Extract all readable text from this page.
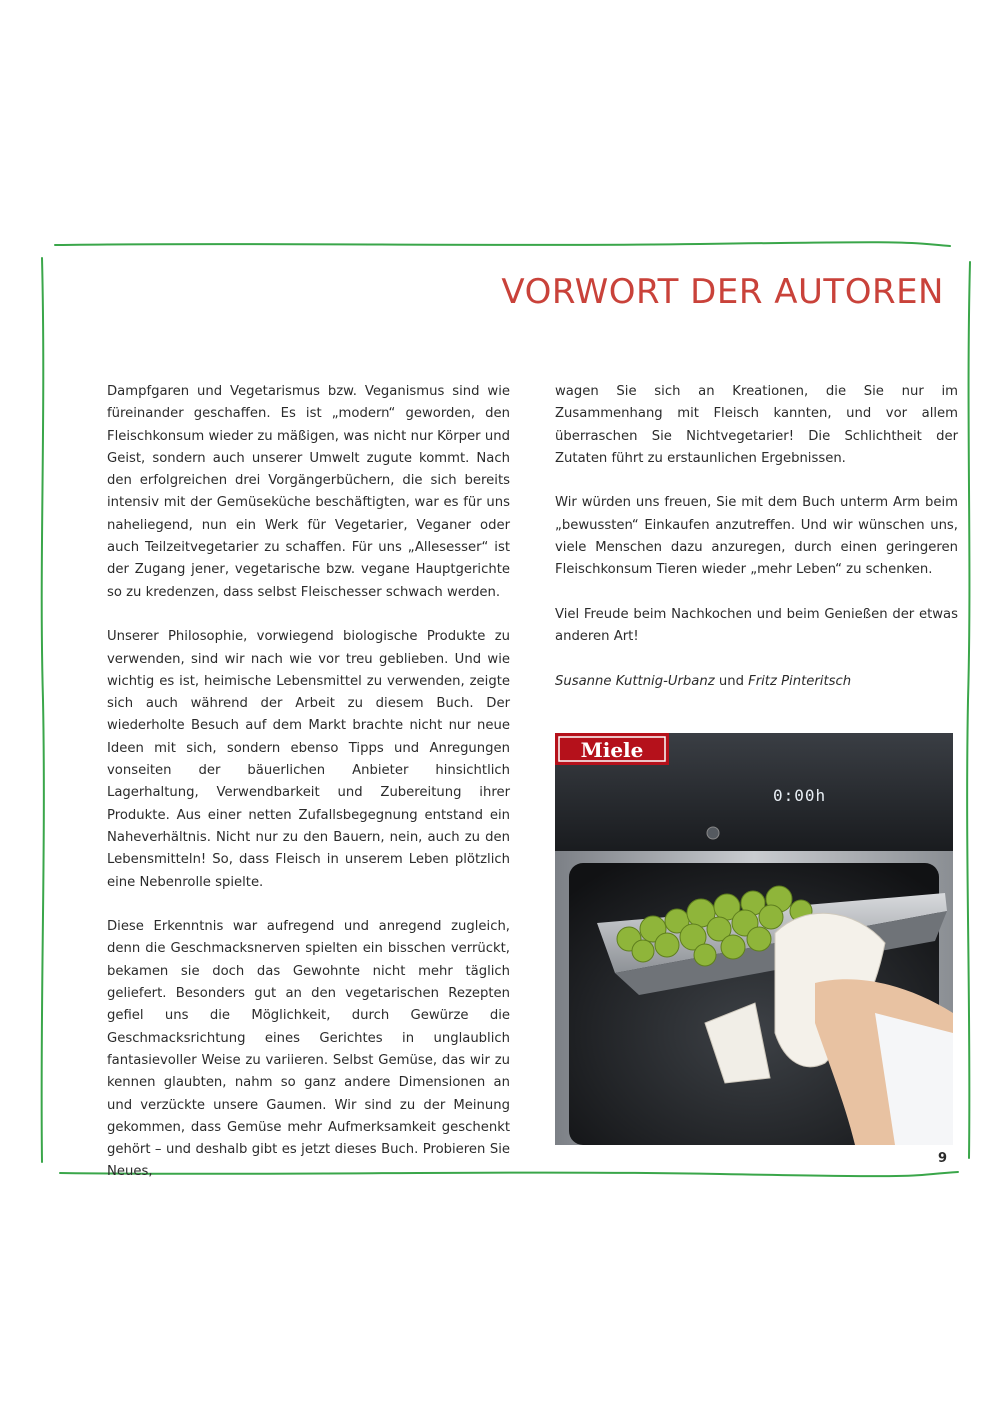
VORWORT DER AUTOREN

Dampfgaren und Vegetarismus bzw. Veganismus sind wie füreinander geschaffen. Es ist „modern“ geworden, den Fleischkonsum wieder zu mäßigen, was nicht nur Körper und Geist, sondern auch unserer Umwelt zugute kommt. Nach den erfolgreichen drei Vorgängerbüchern, die sich bereits intensiv mit der Gemüseküche beschäftigten, war es für uns naheliegend, nun ein Werk für Vegetarier, Veganer oder auch Teilzeitvegetarier zu schaffen. Für uns „Allesesser“ ist der Zugang jener, vegetarische bzw. vegane Hauptgerichte so zu kredenzen, dass selbst Fleischesser schwach werden.

Unserer Philosophie, vorwiegend biologische Produkte zu verwenden, sind wir nach wie vor treu geblieben. Und wie wichtig es ist, heimische Lebensmittel zu verwenden, zeigte sich auch während der Arbeit zu diesem Buch. Der wiederholte Besuch auf dem Markt brachte nicht nur neue Ideen mit sich, sondern ebenso Tipps und Anregungen vonseiten der bäuerlichen Anbieter hinsichtlich Lagerhaltung, Verwendbarkeit und Zubereitung ihrer Produkte. Aus einer netten Zufallsbegegnung entstand ein Naheverhältnis. Nicht nur zu den Bauern, nein, auch zu den Lebensmitteln! So, dass Fleisch in unserem Leben plötzlich eine Nebenrolle spielte.

Diese Erkenntnis war aufregend und anregend zugleich, denn die Geschmacksnerven spielten ein bisschen verrückt, bekamen sie doch das Gewohnte nicht mehr täglich geliefert. Besonders gut an den vegetarischen Rezepten gefiel uns die Möglichkeit, durch Gewürze die Geschmacksrichtung eines Gerichtes in unglaublich fantasievoller Weise zu variieren. Selbst Gemüse, das wir zu kennen glaubten, nahm so ganz andere Dimensionen an und verzückte unsere Gaumen. Wir sind zu der Meinung gekommen, dass Gemüse mehr Aufmerksamkeit geschenkt gehört – und deshalb gibt es jetzt dieses Buch. Probieren Sie Neues,

wagen Sie sich an Kreationen, die Sie nur im Zusammenhang mit Fleisch kannten, und vor allem überraschen Sie Nichtvegetarier! Die Schlichtheit der Zutaten führt zu erstaunlichen Ergebnissen.

Wir würden uns freuen, Sie mit dem Buch unterm Arm beim „bewussten“ Einkaufen anzutreffen. Und wir wünschen uns, viele Menschen dazu anzuregen, durch einen geringeren Fleischkonsum Tieren wieder „mehr Leben“ zu schenken.

Viel Freude beim Nachkochen und beim Genießen der etwas anderen Art!

Susanne Kuttnig-Urbanz und Fritz Pinteritsch

0:00h
Miele
9
